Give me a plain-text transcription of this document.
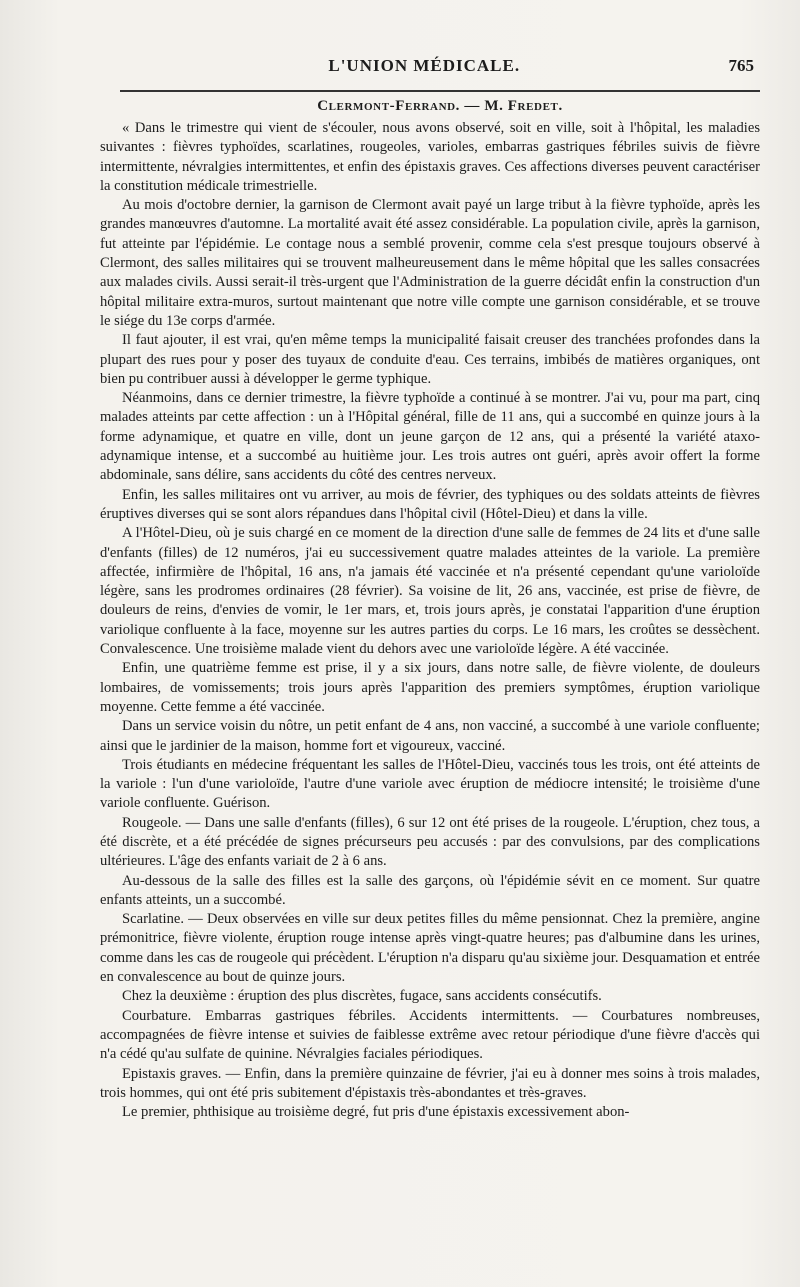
L'UNION MÉDICALE.	765
Clermont-Ferrand. — M. Fredet.

« Dans le trimestre qui vient de s'écouler, nous avons observé, soit en ville, soit à l'hôpital, les maladies suivantes : fièvres typhoïdes, scarlatines, rougeoles, varioles, embarras gastriques fébriles suivis de fièvre intermittente, névralgies intermittentes, et enfin des épistaxis graves. Ces affections diverses peuvent caractériser la constitution médicale trimestrielle.

Au mois d'octobre dernier, la garnison de Clermont avait payé un large tribut à la fièvre typhoïde, après les grandes manœuvres d'automne. La mortalité avait été assez considérable. La population civile, après la garnison, fut atteinte par l'épidémie. Le contage nous a semblé provenir, comme cela s'est presque toujours observé à Clermont, des salles militaires qui se trouvent malheureusement dans le même hôpital que les salles consacrées aux malades civils. Aussi serait-il très-urgent que l'Administration de la guerre décidât enfin la construction d'un hôpital militaire extra-muros, surtout maintenant que notre ville compte une garnison considérable, et se trouve le siége du 13e corps d'armée.

Il faut ajouter, il est vrai, qu'en même temps la municipalité faisait creuser des tranchées profondes dans la plupart des rues pour y poser des tuyaux de conduite d'eau. Ces terrains, imbibés de matières organiques, ont bien pu contribuer aussi à développer le germe typhique.

Néanmoins, dans ce dernier trimestre, la fièvre typhoïde a continué à se montrer. J'ai vu, pour ma part, cinq malades atteints par cette affection : un à l'Hôpital général, fille de 11 ans, qui a succombé en quinze jours à la forme adynamique, et quatre en ville, dont un jeune garçon de 12 ans, qui a présenté la variété ataxo-adynamique intense, et a succombé au huitième jour. Les trois autres ont guéri, après avoir offert la forme abdominale, sans délire, sans accidents du côté des centres nerveux.

Enfin, les salles militaires ont vu arriver, au mois de février, des typhiques ou des soldats atteints de fièvres éruptives diverses qui se sont alors répandues dans l'hôpital civil (Hôtel-Dieu) et dans la ville.

A l'Hôtel-Dieu, où je suis chargé en ce moment de la direction d'une salle de femmes de 24 lits et d'une salle d'enfants (filles) de 12 numéros, j'ai eu successivement quatre malades atteintes de la variole. La première affectée, infirmière de l'hôpital, 16 ans, n'a jamais été vaccinée et n'a présenté cependant qu'une varioloïde légère, sans les prodromes ordinaires (28 février). Sa voisine de lit, 26 ans, vaccinée, est prise de fièvre, de douleurs de reins, d'envies de vomir, le 1er mars, et, trois jours après, je constatai l'apparition d'une éruption variolique confluente à la face, moyenne sur les autres parties du corps. Le 16 mars, les croûtes se dessèchent. Convalescence. Une troisième malade vient du dehors avec une varioloïde légère. A été vaccinée.

Enfin, une quatrième femme est prise, il y a six jours, dans notre salle, de fièvre violente, de douleurs lombaires, de vomissements; trois jours après l'apparition des premiers symptômes, éruption variolique moyenne. Cette femme a été vaccinée.

Dans un service voisin du nôtre, un petit enfant de 4 ans, non vacciné, a succombé à une variole confluente; ainsi que le jardinier de la maison, homme fort et vigoureux, vacciné.

Trois étudiants en médecine fréquentant les salles de l'Hôtel-Dieu, vaccinés tous les trois, ont été atteints de la variole : l'un d'une varioloïde, l'autre d'une variole avec éruption de médiocre intensité; le troisième d'une variole confluente. Guérison.

Rougeole. — Dans une salle d'enfants (filles), 6 sur 12 ont été prises de la rougeole. L'éruption, chez tous, a été discrète, et a été précédée de signes précurseurs peu accusés : par des convulsions, par des complications ultérieures. L'âge des enfants variait de 2 à 6 ans.

Au-dessous de la salle des filles est la salle des garçons, où l'épidémie sévit en ce moment. Sur quatre enfants atteints, un a succombé.

Scarlatine. — Deux observées en ville sur deux petites filles du même pensionnat. Chez la première, angine prémonitrice, fièvre violente, éruption rouge intense après vingt-quatre heures; pas d'albumine dans les urines, comme dans les cas de rougeole qui précèdent. L'éruption n'a disparu qu'au sixième jour. Desquamation et entrée en convalescence au bout de quinze jours.

Chez la deuxième : éruption des plus discrètes, fugace, sans accidents consécutifs.

Courbature. Embarras gastriques fébriles. Accidents intermittents. — Courbatures nombreuses, accompagnées de fièvre intense et suivies de faiblesse extrême avec retour périodique d'une fièvre d'accès qui n'a cédé qu'au sulfate de quinine. Névralgies faciales périodiques.

Epistaxis graves. — Enfin, dans la première quinzaine de février, j'ai eu à donner mes soins à trois malades, trois hommes, qui ont été pris subitement d'épistaxis très-abondantes et très-graves.

Le premier, phthisique au troisième degré, fut pris d'une épistaxis excessivement abon-
